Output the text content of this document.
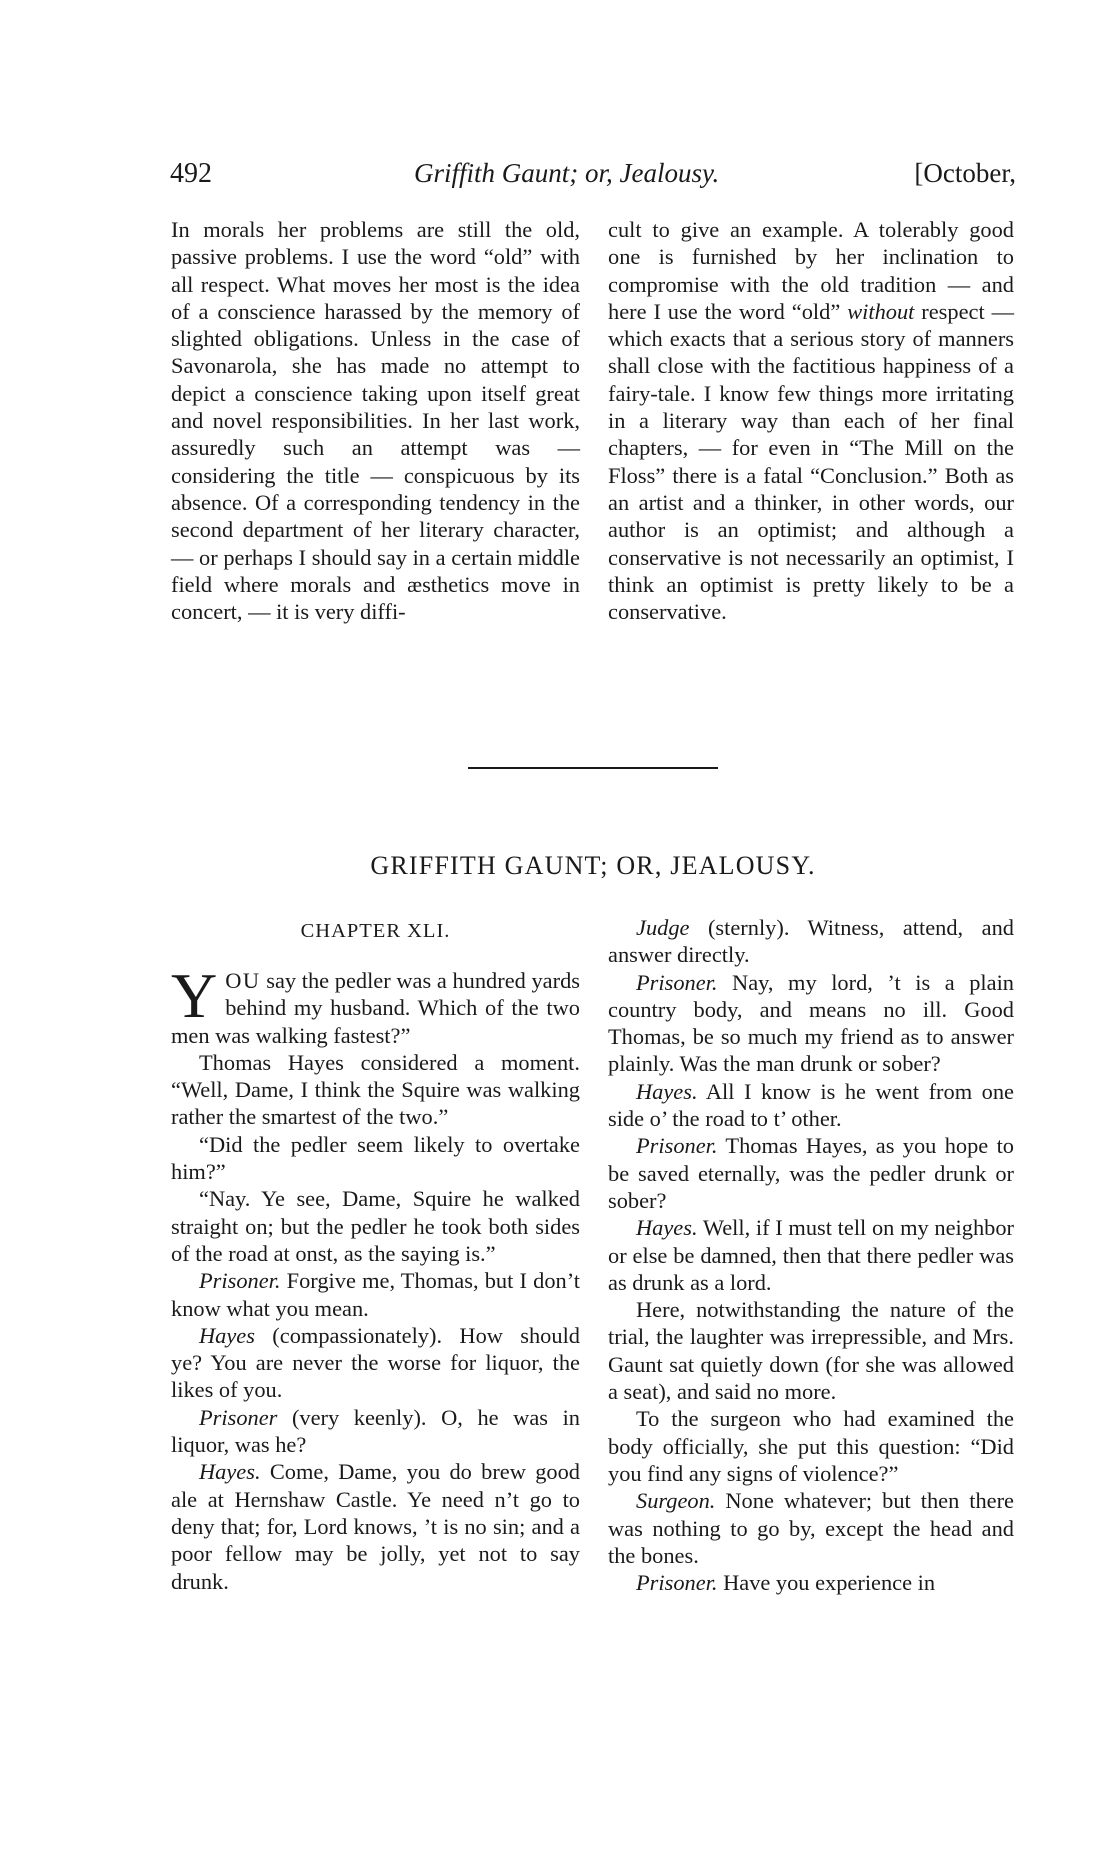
492	Griffith Gaunt; or, Jealousy.	[October,

In morals her problems are still the old, passive problems. I use the word “old” with all respect. What moves her most is the idea of a conscience harassed by the memory of slighted obligations. Unless in the case of Savonarola, she has made no attempt to depict a conscience taking upon itself great and novel responsibilities. In her last work, assuredly such an attempt was — considering the title — conspicuous by its absence. Of a corresponding tendency in the second department of her literary character, — or perhaps I should say in a certain middle field where morals and æsthetics move in concert, — it is very diffi-

cult to give an example. A tolerably good one is furnished by her inclination to compromise with the old tradition — and here I use the word “old” without respect — which exacts that a serious story of manners shall close with the factitious happiness of a fairy-tale. I know few things more irritating in a literary way than each of her final chapters, — for even in “The Mill on the Floss” there is a fatal “Conclusion.” Both as an artist and a thinker, in other words, our author is an optimist; and although a conservative is not necessarily an optimist, I think an optimist is pretty likely to be a conservative.

GRIFFITH GAUNT; OR, JEALOUSY.
CHAPTER XLI.

YOU say the pedler was a hundred yards behind my husband. Which of the two men was walking fastest?”

Thomas Hayes considered a moment. “Well, Dame, I think the Squire was walking rather the smartest of the two.”

“Did the pedler seem likely to overtake him?”

“Nay. Ye see, Dame, Squire he walked straight on; but the pedler he took both sides of the road at onst, as the saying is.”

Prisoner. Forgive me, Thomas, but I don’t know what you mean.

Hayes (compassionately). How should ye? You are never the worse for liquor, the likes of you.

Prisoner (very keenly). O, he was in liquor, was he?

Hayes. Come, Dame, you do brew good ale at Hernshaw Castle. Ye need n’t go to deny that; for, Lord knows, ’t is no sin; and a poor fellow may be jolly, yet not to say drunk.

Judge (sternly). Witness, attend, and answer directly.

Prisoner. Nay, my lord, ’t is a plain country body, and means no ill. Good Thomas, be so much my friend as to answer plainly. Was the man drunk or sober?

Hayes. All I know is he went from one side o’ the road to t’ other.

Prisoner. Thomas Hayes, as you hope to be saved eternally, was the pedler drunk or sober?

Hayes. Well, if I must tell on my neighbor or else be damned, then that there pedler was as drunk as a lord.

Here, notwithstanding the nature of the trial, the laughter was irrepressible, and Mrs. Gaunt sat quietly down (for she was allowed a seat), and said no more.

To the surgeon who had examined the body officially, she put this question: “Did you find any signs of violence?”

Surgeon. None whatever; but then there was nothing to go by, except the head and the bones.

Prisoner. Have you experience in
